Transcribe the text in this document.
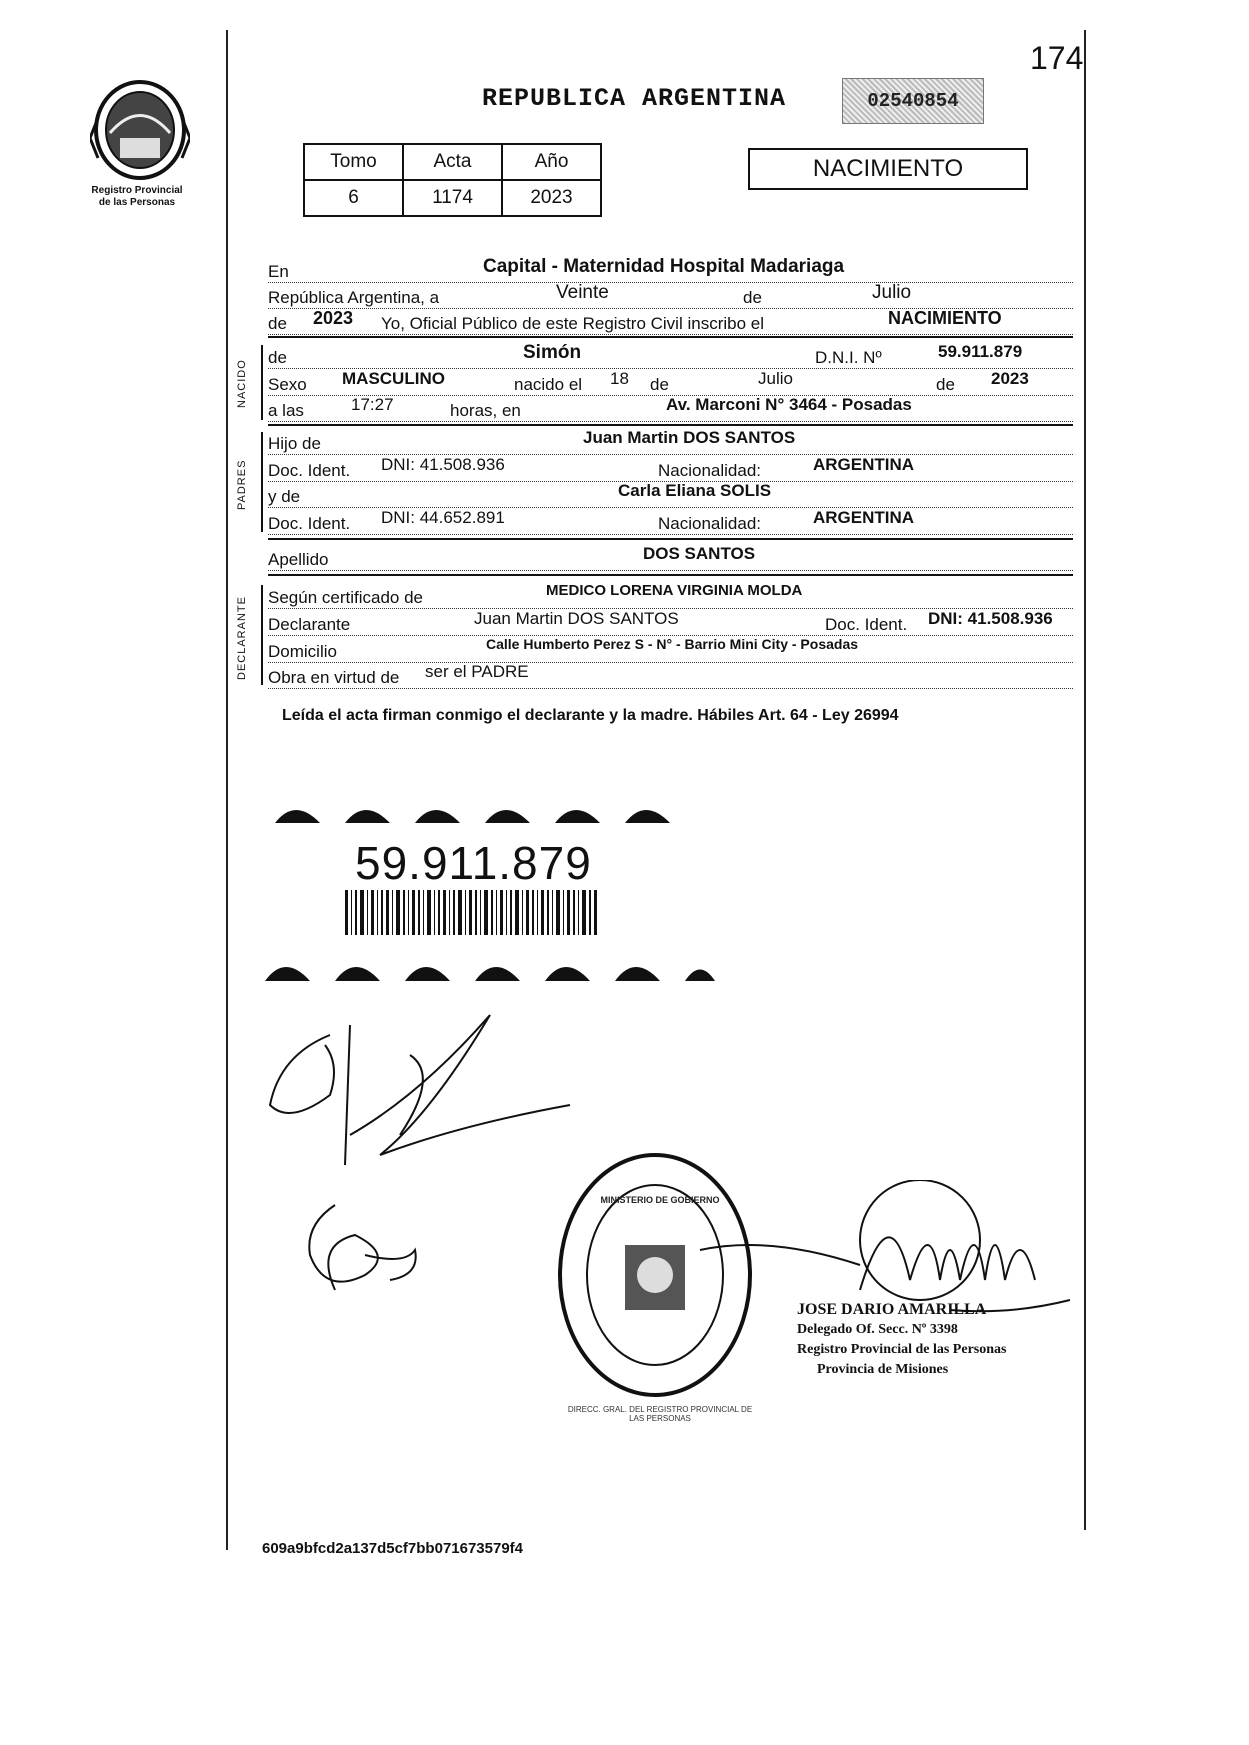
Registro Provincial
de las Personas
REPUBLICA ARGENTINA
174
02540854
Tomo	Acta	Año
6	1174	2023
NACIMIENTO
En	Capital - Maternidad Hospital Madariaga
República Argentina, a	Veinte	de	Julio
de 2023 Yo, Oficial Público de este Registro Civil inscribo el	NACIMIENTO
NACIDO
de	Simón	D.N.I. Nº	59.911.879
Sexo MASCULINO	nacido el 18 de	Julio	de 2023
a las	17:27	horas, en	Av. Marconi N° 3464 - Posadas
PADRES
Hijo de	Juan Martin DOS SANTOS
Doc. Ident. DNI: 41.508.936	Nacionalidad:	ARGENTINA
y de	Carla Eliana SOLIS
Doc. Ident. DNI: 44.652.891	Nacionalidad:	ARGENTINA
Apellido	DOS SANTOS
DECLARANTE Según certificado de	MEDICO LORENA VIRGINIA MOLDA
Declarante	Juan Martin DOS SANTOS	Doc. Ident. DNI: 41.508.936
Domicilio	Calle Humberto Perez S - N° - Barrio Mini City - Posadas
Obra en virtud de ser el PADRE
Leída el acta firman conmigo el declarante y la madre. Hábiles Art. 64 - Ley 26994
59.911.879
DIRECC. GRAL. DEL REGISTRO PROVINCIAL DE LAS PERSONAS
MINISTERIO DE GOBIERNO
JOSE DARIO AMARILLA
Delegado Of. Secc. Nº 3398
Registro Provincial de las Personas
Provincia de Misiones
609a9bfcd2a137d5cf7bb071673579f4
